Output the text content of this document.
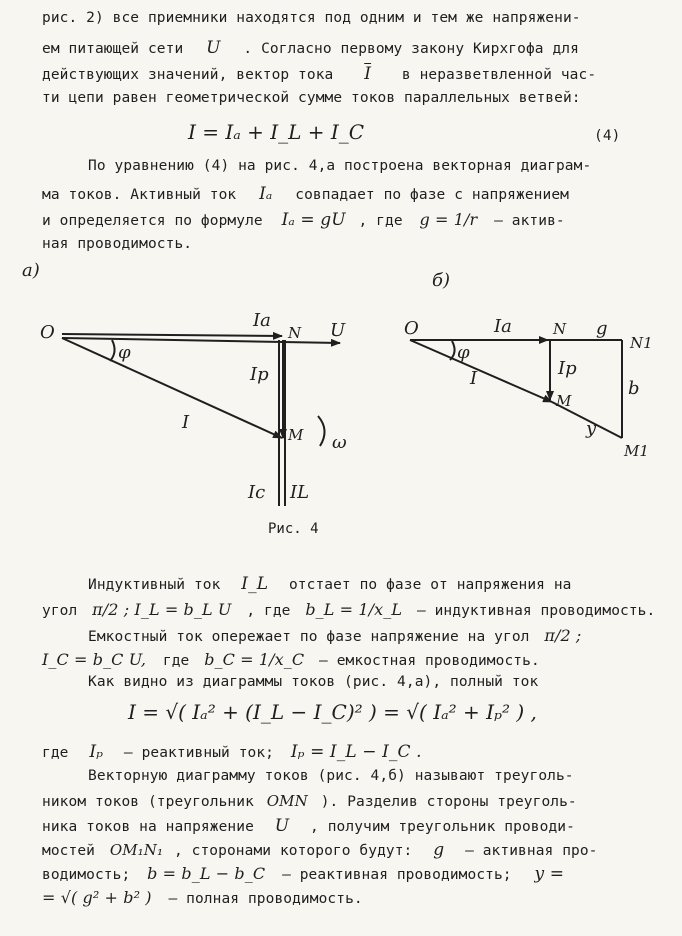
рис. 2) все приемники находятся под одним и тем же напряжени-
ем питающей сети U . Согласно первому закону Кирхгофа для
действующих значений, вектор тока $\overline{I}$ в неразветвленной час-
ти цепи равен геометрической сумме токов параллельных ветвей:
I = Iₐ + I_L + I_C	(4)
По уравнению (4) на рис. 4,а построена векторная диаграм-
ма токов. Активный ток Iₐ совпадает по фазе с напряжением
и определяется по формуле Iₐ = gU , где g = 1/r – актив-
ная проводимость.
а)
O
Iа
N U
φ
Iр
I
M ω
Ic IL
б)
O	Iа	N g
N1
φ
Iр
I
M
b
y
M1
Рис. 4
Индуктивный ток I_L отстает по фазе от напряжения на
угол π/2 ; I_L = b_L U , где b_L = 1/x_L – индуктивная проводимость.
Емкостный ток опережает по фазе напряжение на угол π/2 ;
I_C = b_C U, где b_C = 1/x_C – емкостная проводимость.
Как видно из диаграммы токов (рис. 4,а), полный ток
I = √( Iₐ² + (I_L − I_C)² ) = √( Iₐ² + Iₚ² ) ,
где Iₚ – реактивный ток; Iₚ = I_L − I_C .
Векторную диаграмму токов (рис. 4,б) называют треуголь-
ником токов (треугольник OMN ). Разделив стороны треуголь-
ника токов на напряжение U , получим треугольник проводи-
мостей OM₁N₁ , сторонами которого будут: g – активная про-
водимость; b = b_L − b_C – реактивная проводимость; y =
= √( g² + b² ) – полная проводимость.
